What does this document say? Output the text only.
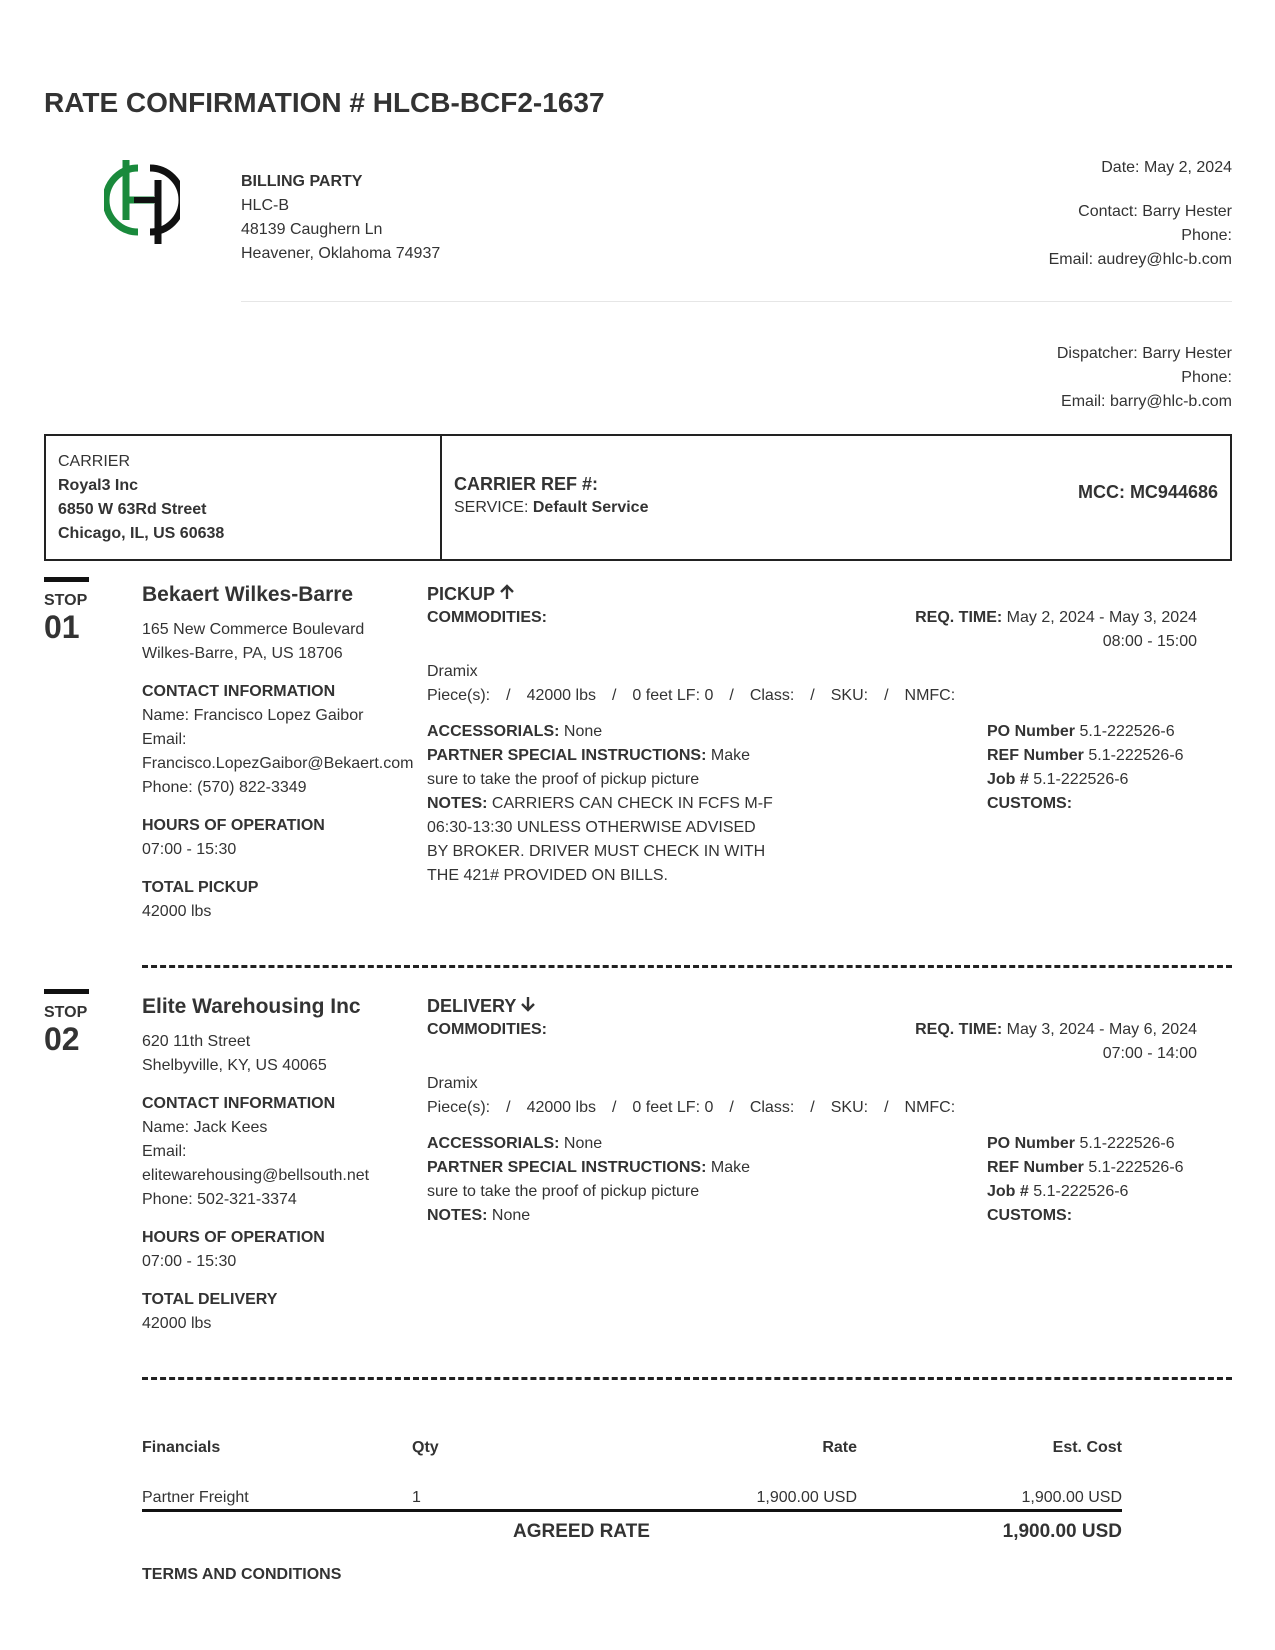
RATE CONFIRMATION # HLCB-BCF2-1637
BILLING PARTY
HLC-B
48139 Caughern Ln
Heavener, Oklahoma 74937
Date: May 2, 2024
Contact: Barry Hester
Phone:
Email: audrey@hlc-b.com
Dispatcher: Barry Hester
Phone:
Email: barry@hlc-b.com
CARRIER
Royal3 Inc
6850 W 63Rd Street
Chicago, IL, US 60638
CARRIER REF #:
SERVICE: Default Service
MCC: MC944686
STOP
01
Bekaert Wilkes-Barre
165 New Commerce Boulevard
Wilkes-Barre, PA, US 18706
CONTACT INFORMATION
Name: Francisco Lopez Gaibor
Email:
Francisco.LopezGaibor@Bekaert.com
Phone: (570) 822-3349
HOURS OF OPERATION
07:00 - 15:30
TOTAL PICKUP
42000 lbs
PICKUP
COMMODITIES:	REQ. TIME: May 2, 2024 - May 3, 2024
08:00 - 15:00
Dramix
Piece(s): / 42000 lbs / 0 feet LF: 0 / Class: / SKU: / NMFC:
ACCESSORIALS: None
PARTNER SPECIAL INSTRUCTIONS: Make
sure to take the proof of pickup picture
NOTES: CARRIERS CAN CHECK IN FCFS M-F
06:30-13:30 UNLESS OTHERWISE ADVISED
BY BROKER. DRIVER MUST CHECK IN WITH
THE 421# PROVIDED ON BILLS.
PO Number 5.1-222526-6
REF Number 5.1-222526-6
Job # 5.1-222526-6
CUSTOMS:
STOP
02
Elite Warehousing Inc
620 11th Street
Shelbyville, KY, US 40065
CONTACT INFORMATION
Name: Jack Kees
Email:
elitewarehousing@bellsouth.net
Phone: 502-321-3374
HOURS OF OPERATION
07:00 - 15:30
TOTAL DELIVERY
42000 lbs
DELIVERY
COMMODITIES:	REQ. TIME: May 3, 2024 - May 6, 2024
07:00 - 14:00
Dramix
Piece(s): / 42000 lbs / 0 feet LF: 0 / Class: / SKU: / NMFC:
ACCESSORIALS: None
PARTNER SPECIAL INSTRUCTIONS: Make
sure to take the proof of pickup picture
NOTES: None
PO Number 5.1-222526-6
REF Number 5.1-222526-6
Job # 5.1-222526-6
CUSTOMS:
Financials	Qty	Rate	Est. Cost
Partner Freight	1	1,900.00 USD	1,900.00 USD
AGREED RATE	1,900.00 USD
TERMS AND CONDITIONS
